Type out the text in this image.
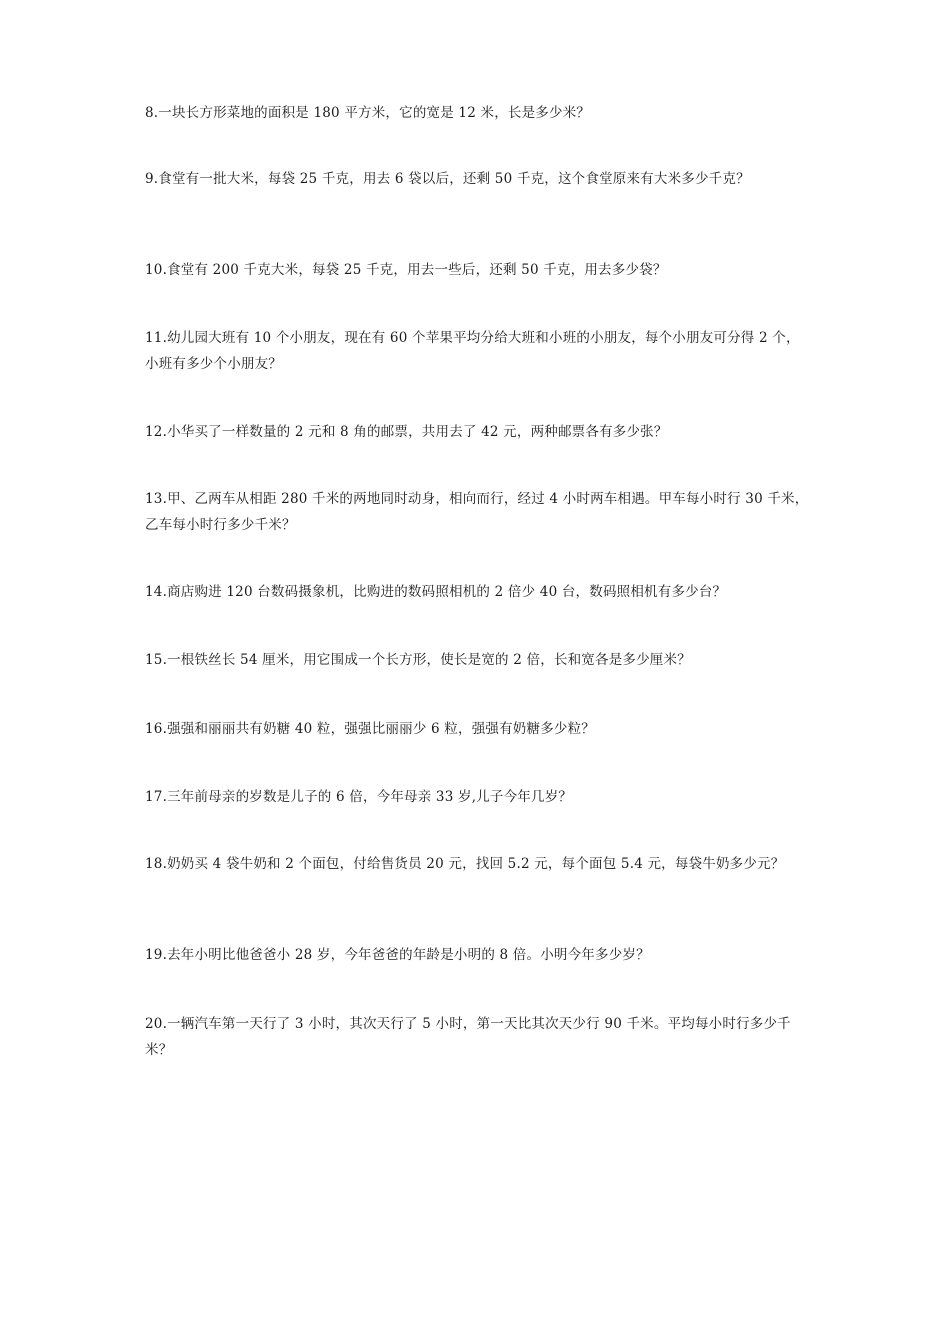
8.一块长方形菜地的面积是 180 平方米，它的宽是 12 米，长是多少米？

9.食堂有一批大米，每袋 25 千克，用去 6 袋以后，还剩 50 千克，这个食堂原来有大米多少千克？

10.食堂有 200 千克大米，每袋 25 千克，用去一些后，还剩 50 千克，用去多少袋？

11.幼儿园大班有 10 个小朋友，现在有 60 个苹果平均分给大班和小班的小朋友，每个小朋友可分得 2 个，小班有多少个小朋友？

12.小华买了一样数量的 2 元和 8 角的邮票，共用去了 42 元，两种邮票各有多少张？

13.甲、乙两车从相距 280 千米的两地同时动身，相向而行，经过 4 小时两车相遇。甲车每小时行 30 千米，乙车每小时行多少千米？

14.商店购进 120 台数码摄象机，比购进的数码照相机的 2 倍少 40 台，数码照相机有多少台？

15.一根铁丝长 54 厘米，用它围成一个长方形，使长是宽的 2 倍，长和宽各是多少厘米？

16.强强和丽丽共有奶糖 40 粒，强强比丽丽少 6 粒，强强有奶糖多少粒？

17.三年前母亲的岁数是儿子的 6 倍，今年母亲 33 岁,儿子今年几岁？

18.奶奶买 4 袋牛奶和 2 个面包，付给售货员 20 元，找回 5.2 元，每个面包 5.4 元，每袋牛奶多少元？

19.去年小明比他爸爸小 28 岁，今年爸爸的年龄是小明的 8 倍。小明今年多少岁？

20.一辆汽车第一天行了 3 小时，其次天行了 5 小时，第一天比其次天少行 90 千米。平均每小时行多少千米？
